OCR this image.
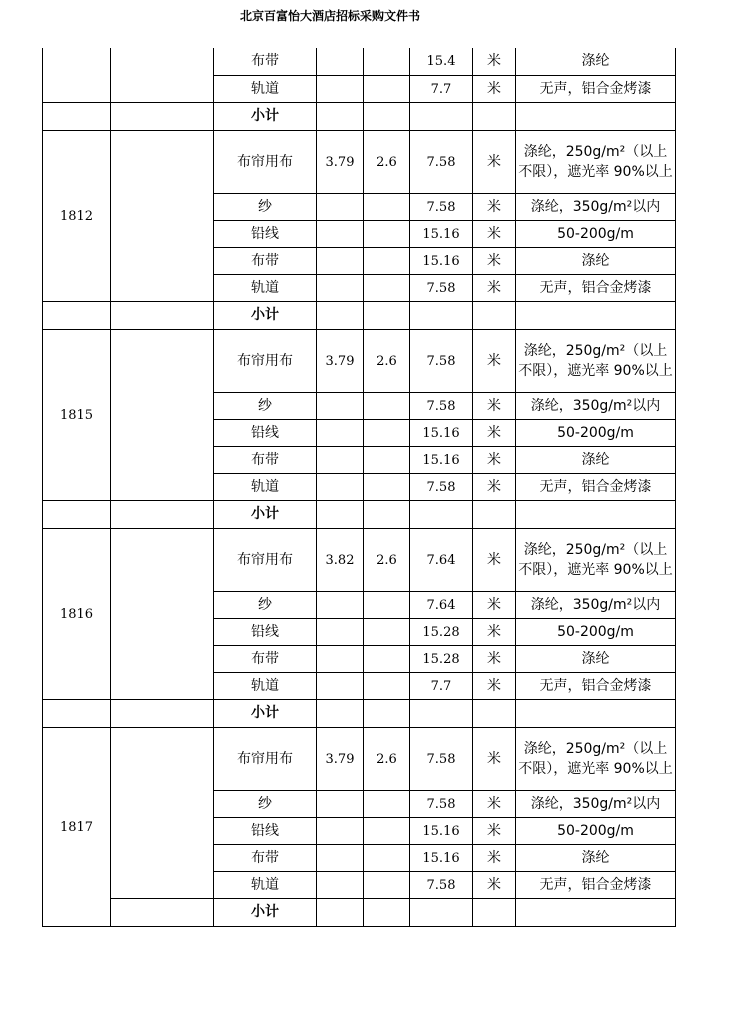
北京百富怡大酒店招标采购文件书
		布带			15.4	米	涤纶
		轨道			7.7	米	无声，铝合金烤漆
		小计					
1812		布帘用布	3.79	2.6	7.58	米	涤纶，250g/m²（以上不限），遮光率 90%以上
		纱			7.58	米	涤纶，350g/m²以内
		铅线			15.16	米	50-200g/m
		布带			15.16	米	涤纶
		轨道			7.58	米	无声，铝合金烤漆
		小计					
1815		布帘用布	3.79	2.6	7.58	米	涤纶，250g/m²（以上不限），遮光率 90%以上
		纱			7.58	米	涤纶，350g/m²以内
		铅线			15.16	米	50-200g/m
		布带			15.16	米	涤纶
		轨道			7.58	米	无声，铝合金烤漆
		小计					
1816		布帘用布	3.82	2.6	7.64	米	涤纶，250g/m²（以上不限），遮光率 90%以上
		纱			7.64	米	涤纶，350g/m²以内
		铅线			15.28	米	50-200g/m
		布带			15.28	米	涤纶
		轨道			7.7	米	无声，铝合金烤漆
		小计					
1817		布帘用布	3.79	2.6	7.58	米	涤纶，250g/m²（以上不限），遮光率 90%以上
		纱			7.58	米	涤纶，350g/m²以内
		铅线			15.16	米	50-200g/m
		布带			15.16	米	涤纶
		轨道			7.58	米	无声，铝合金烤漆
		小计					
